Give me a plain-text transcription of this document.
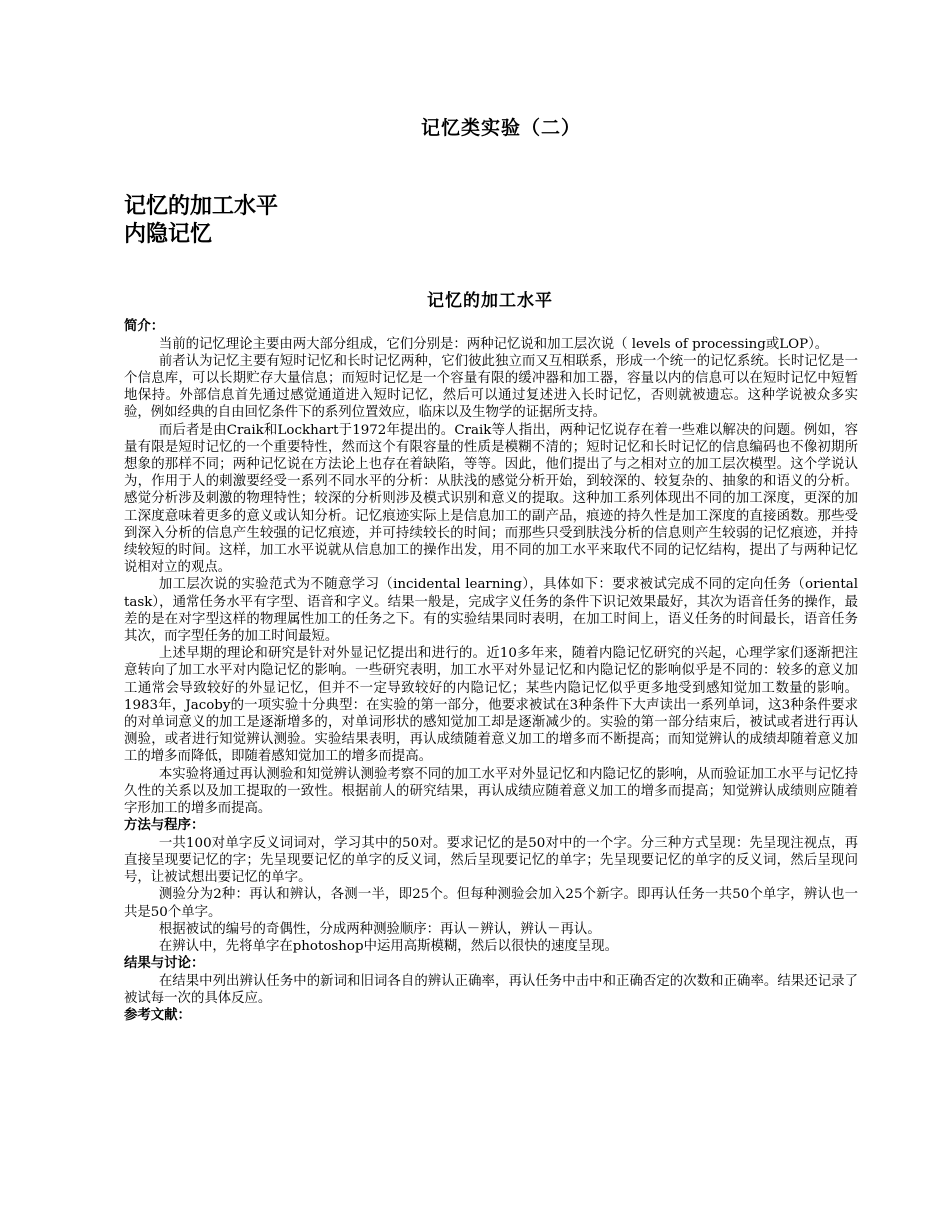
记忆类实验（二）
记忆的加工水平
内隐记忆
记忆的加工水平
简介：

当前的记忆理论主要由两大部分组成，它们分别是：两种记忆说和加工层次说（ levels of processing或LOP）。

前者认为记忆主要有短时记忆和长时记忆两种，它们彼此独立而又互相联系，形成一个统一的记忆系统。长时记忆是一个信息库，可以长期贮存大量信息；而短时记忆是一个容量有限的缓冲器和加工器，容量以内的信息可以在短时记忆中短暂地保持。外部信息首先通过感觉通道进入短时记忆，然后可以通过复述进入长时记忆，否则就被遗忘。这种学说被众多实验，例如经典的自由回忆条件下的系列位置效应，临床以及生物学的证据所支持。

而后者是由Craik和Lockhart于1972年提出的。Craik等人指出，两种记忆说存在着一些难以解决的问题。例如，容量有限是短时记忆的一个重要特性，然而这个有限容量的性质是模糊不清的；短时记忆和长时记忆的信息编码也不像初期所想象的那样不同；两种记忆说在方法论上也存在着缺陷，等等。因此，他们提出了与之相对立的加工层次模型。这个学说认为，作用于人的刺激要经受一系列不同水平的分析：从肤浅的感觉分析开始，到较深的、较复杂的、抽象的和语义的分析。感觉分析涉及刺激的物理特性；较深的分析则涉及模式识别和意义的提取。这种加工系列体现出不同的加工深度，更深的加工深度意味着更多的意义或认知分析。记忆痕迹实际上是信息加工的副产品，痕迹的持久性是加工深度的直接函数。那些受到深入分析的信息产生较强的记忆痕迹，并可持续较长的时间；而那些只受到肤浅分析的信息则产生较弱的记忆痕迹，并持续较短的时间。这样，加工水平说就从信息加工的操作出发，用不同的加工水平来取代不同的记忆结构，提出了与两种记忆说相对立的观点。

加工层次说的实验范式为不随意学习（incidental learning），具体如下：要求被试完成不同的定向任务（oriental task），通常任务水平有字型、语音和字义。结果一般是，完成字义任务的条件下识记效果最好，其次为语音任务的操作，最差的是在对字型这样的物理属性加工的任务之下。有的实验结果同时表明，在加工时间上，语义任务的时间最长，语音任务其次，而字型任务的加工时间最短。

上述早期的理论和研究是针对外显记忆提出和进行的。近10多年来，随着内隐记忆研究的兴起，心理学家们逐渐把注意转向了加工水平对内隐记忆的影响。一些研究表明，加工水平对外显记忆和内隐记忆的影响似乎是不同的：较多的意义加工通常会导致较好的外显记忆，但并不一定导致较好的内隐记忆；某些内隐记忆似乎更多地受到感知觉加工数量的影响。1983年，Jacoby的一项实验十分典型：在实验的第一部分，他要求被试在3种条件下大声读出一系列单词，这3种条件要求的对单词意义的加工是逐渐增多的，对单词形状的感知觉加工却是逐渐减少的。实验的第一部分结束后，被试或者进行再认测验，或者进行知觉辨认测验。实验结果表明，再认成绩随着意义加工的增多而不断提高；而知觉辨认的成绩却随着意义加工的增多而降低，即随着感知觉加工的增多而提高。

本实验将通过再认测验和知觉辨认测验考察不同的加工水平对外显记忆和内隐记忆的影响，从而验证加工水平与记忆持久性的关系以及加工提取的一致性。根据前人的研究结果，再认成绩应随着意义加工的增多而提高；知觉辨认成绩则应随着字形加工的增多而提高。

方法与程序：

一共100对单字反义词词对，学习其中的50对。要求记忆的是50对中的一个字。分三种方式呈现：先呈现注视点，再直接呈现要记忆的字；先呈现要记忆的单字的反义词，然后呈现要记忆的单字；先呈现要记忆的单字的反义词，然后呈现问号，让被试想出要记忆的单字。

测验分为2种：再认和辨认，各测一半，即25个。但每种测验会加入25个新字。即再认任务一共50个单字，辨认也一共是50个单字。

根据被试的编号的奇偶性，分成两种测验顺序：再认－辨认，辨认－再认。

在辨认中，先将单字在photoshop中运用高斯模糊，然后以很快的速度呈现。

结果与讨论：

在结果中列出辨认任务中的新词和旧词各自的辨认正确率，再认任务中击中和正确否定的次数和正确率。结果还记录了被试每一次的具体反应。

参考文献：
